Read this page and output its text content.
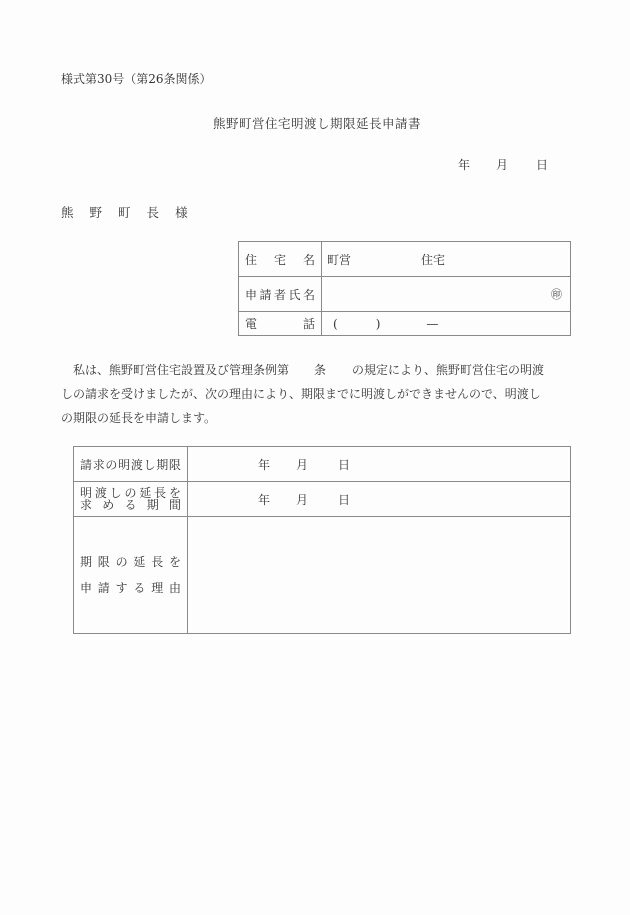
様式第30号（第26条関係）
熊野町営住宅明渡し期限延長申請書
年 月 日
熊 野 町 長 様
住 宅 名	町営 住宅

申 請 者 氏 名	㊞

電 話	( ) —

　私は、熊野町営住宅設置及び管理条例第 条 の規定により、熊野町営住宅の明渡

しの請求を受けましたが、次の理由により、期限までに明渡しができませんので、明渡し

の期限の延長を申請します。

請 求 の 明 渡 し 期 限	年 月 日

明 渡 し の 延 長 を
求 め る 期 間	年 月 日

期 限 の 延 長 を
申 請 す る 理 由
